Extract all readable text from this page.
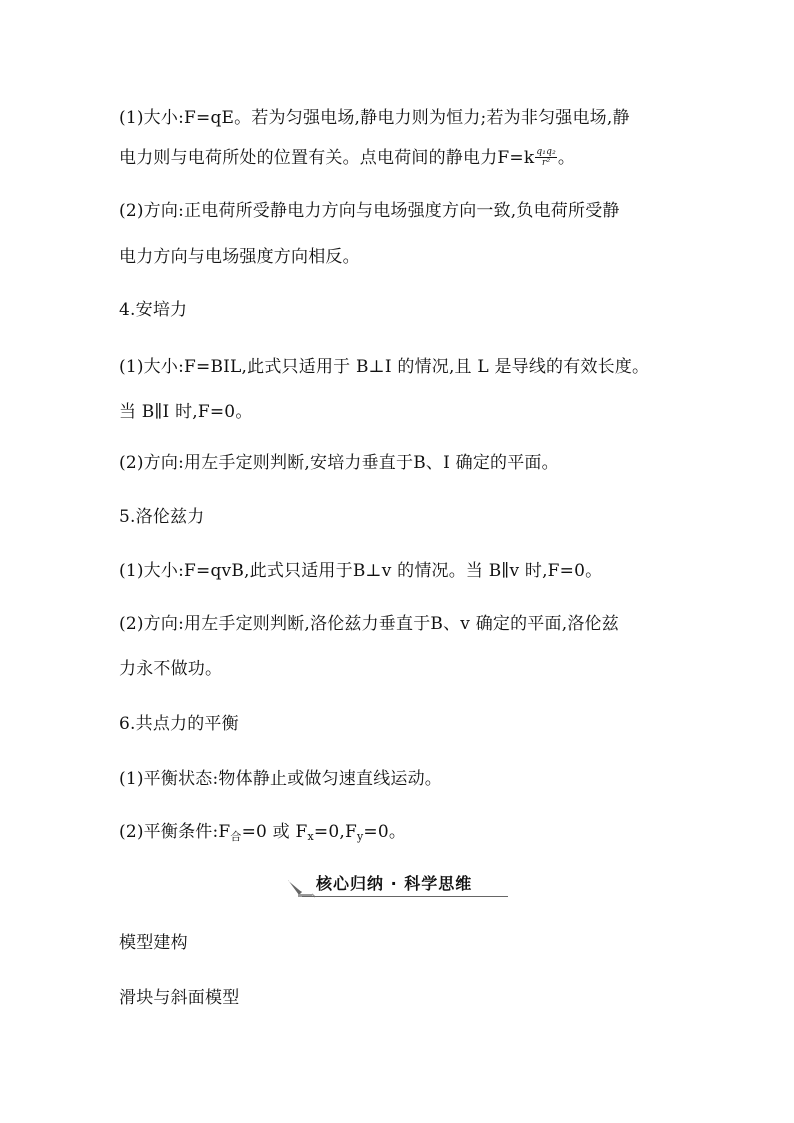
(1)大小:F=qE。若为匀强电场,静电力则为恒力;若为非匀强电场,静
电力则与电荷所处的位置有关。点电荷间的静电力$F=k \frac{\text{q₁q₂}}{\text{r²}}$ 。
(2)方向:正电荷所受静电力方向与电场强度方向一致,负电荷所受静
电力方向与电场强度方向相反。
4.安培力
(1)大小:F=BIL,此式只适用于 B⊥I 的情况,且 L 是导线的有效长度。
当 B∥I 时,F=0。
(2)方向:用左手定则判断,安培力垂直于B、I 确定的平面。
5.洛伦兹力
(1)大小:F=qvB,此式只适用于B⊥v 的情况。当 B∥v 时,F=0。
(2)方向:用左手定则判断,洛伦兹力垂直于B、v 确定的平面,洛伦兹
力永不做功。
6.共点力的平衡
(1)平衡状态:物体静止或做匀速直线运动。
(2)平衡条件$:F_合=0$ 或 $F_x=0,F_y=0$。
核心归纳 · 科学思维
模型建构
滑块与斜面模型
